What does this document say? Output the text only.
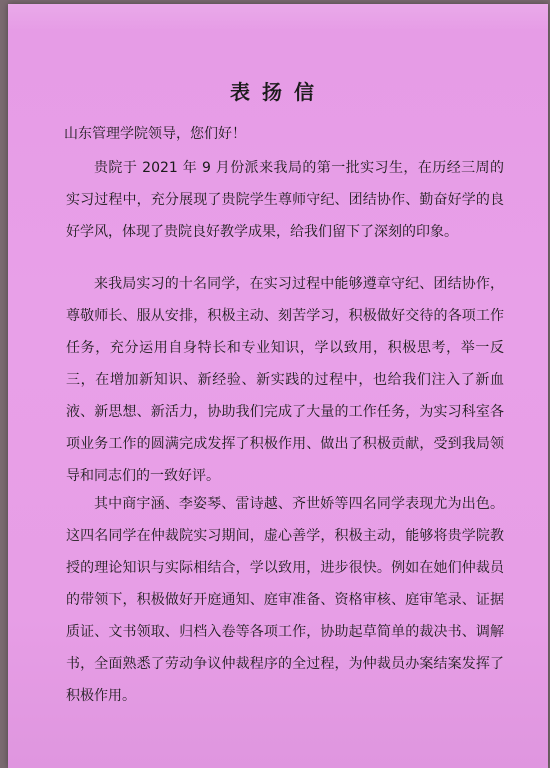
表扬信
山东管理学院领导，您们好！

贵院于 2021 年 9 月份派来我局的第一批实习生，在历经三周的实习过程中，充分展现了贵院学生尊师守纪、团结协作、勤奋好学的良好学风，体现了贵院良好教学成果，给我们留下了深刻的印象。

来我局实习的十名同学，在实习过程中能够遵章守纪、团结协作，尊敬师长、服从安排，积极主动、刻苦学习，积极做好交待的各项工作任务，充分运用自身特长和专业知识，学以致用，积极思考，举一反三，在增加新知识、新经验、新实践的过程中，也给我们注入了新血液、新思想、新活力，协助我们完成了大量的工作任务，为实习科室各项业务工作的圆满完成发挥了积极作用、做出了积极贡献，受到我局领导和同志们的一致好评。

其中商宇涵、李姿琴、雷诗越、齐世娇等四名同学表现尤为出色。这四名同学在仲裁院实习期间，虚心善学，积极主动，能够将贵学院教授的理论知识与实际相结合，学以致用，进步很快。例如在她们仲裁员的带领下，积极做好开庭通知、庭审准备、资格审核、庭审笔录、证据质证、文书领取、归档入卷等各项工作，协助起草简单的裁决书、调解书，全面熟悉了劳动争议仲裁程序的全过程，为仲裁员办案结案发挥了积极作用。
